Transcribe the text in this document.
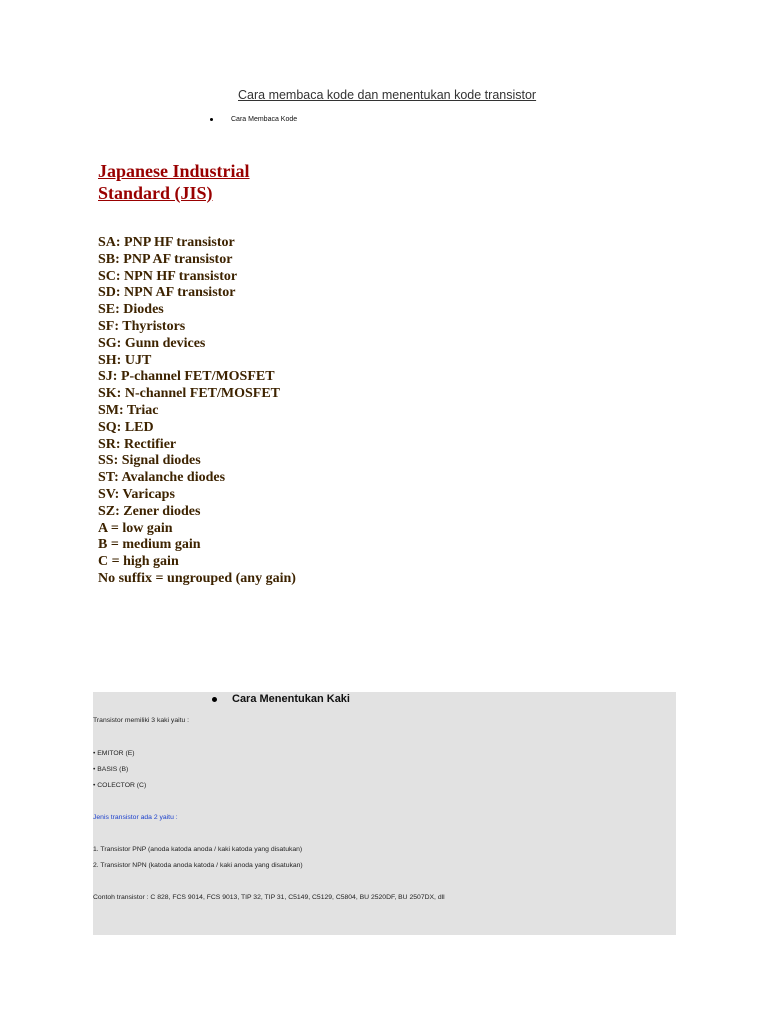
Cara membaca kode dan menentukan kode transistor
Cara Membaca Kode
Japanese Industrial Standard (JIS)
SA: PNP HF transistor
SB: PNP AF transistor
SC: NPN HF transistor
SD: NPN AF transistor
SE: Diodes
SF: Thyristors
SG: Gunn devices
SH: UJT
SJ: P-channel FET/MOSFET
SK: N-channel FET/MOSFET
SM: Triac
SQ: LED
SR: Rectifier
SS: Signal diodes
ST: Avalanche diodes
SV: Varicaps
SZ: Zener diodes
A = low gain
B = medium gain
C = high gain
No suffix = ungrouped (any gain)
Cara Menentukan Kaki
Transistor memiliki 3 kaki yaitu :
• EMITOR (E)
• BASIS (B)
• COLECTOR (C)
Jenis transistor ada 2 yaitu :
1. Transistor PNP (anoda katoda anoda / kaki katoda yang disatukan)
2. Transistor NPN (katoda anoda katoda / kaki anoda yang disatukan)
Contoh transistor : C 828, FCS 9014, FCS 9013, TIP 32, TIP 31, C5149, C5129, C5804, BU 2520DF, BU 2507DX, dll
